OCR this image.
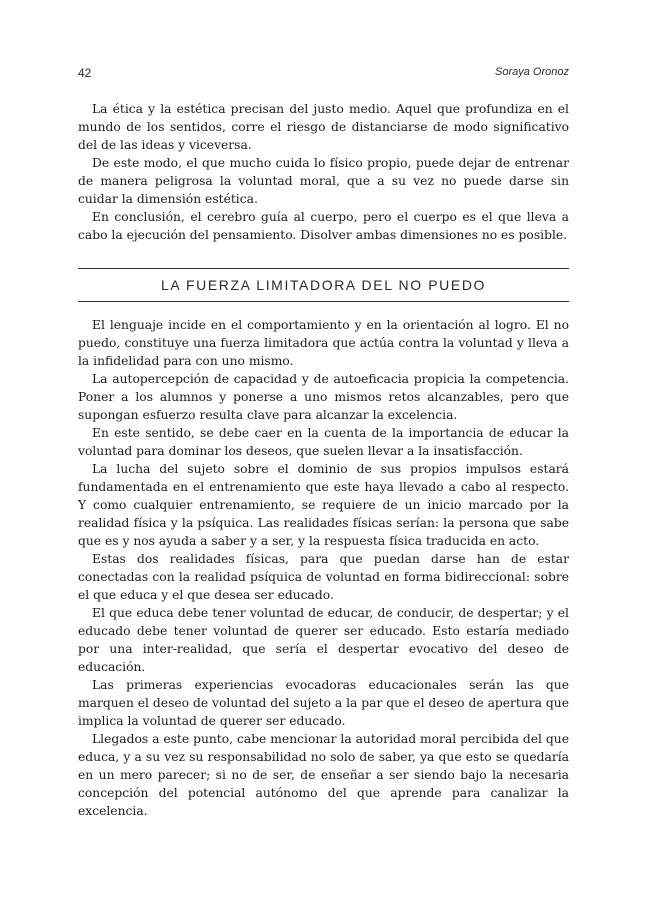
42	Soraya Oronoz

La ética y la estética precisan del justo medio. Aquel que profundiza en el mundo de los sentidos, corre el riesgo de distanciarse de modo significativo del de las ideas y viceversa.

De este modo, el que mucho cuida lo físico propio, puede dejar de entrenar de manera peligrosa la voluntad moral, que a su vez no puede darse sin cuidar la dimensión estética.

En conclusión, el cerebro guía al cuerpo, pero el cuerpo es el que lleva a cabo la ejecución del pensamiento. Disolver ambas dimensiones no es posible.

LA FUERZA LIMITADORA DEL NO PUEDO

El lenguaje incide en el comportamiento y en la orientación al logro. El no puedo, constituye una fuerza limitadora que actúa contra la voluntad y lleva a la infidelidad para con uno mismo.

La autopercepción de capacidad y de autoeficacia propicia la competencia. Poner a los alumnos y ponerse a uno mismos retos alcanzables, pero que supongan esfuerzo resulta clave para alcanzar la excelencia.

En este sentido, se debe caer en la cuenta de la importancia de educar la voluntad para dominar los deseos, que suelen llevar a la insatisfacción.

La lucha del sujeto sobre el dominio de sus propios impulsos estará fundamentada en el entrenamiento que este haya llevado a cabo al respecto. Y como cualquier entrenamiento, se requiere de un inicio marcado por la realidad física y la psíquica. Las realidades físicas serían: la persona que sabe que es y nos ayuda a saber y a ser, y la respuesta física traducida en acto.

Estas dos realidades físicas, para que puedan darse han de estar conectadas con la realidad psíquica de voluntad en forma bidireccional: sobre el que educa y el que desea ser educado.

El que educa debe tener voluntad de educar, de conducir, de despertar; y el educado debe tener voluntad de querer ser educado. Esto estaría mediado por una inter-realidad, que sería el despertar evocativo del deseo de educación.

Las primeras experiencias evocadoras educacionales serán las que marquen el deseo de voluntad del sujeto a la par que el deseo de apertura que implica la voluntad de querer ser educado.

Llegados a este punto, cabe mencionar la autoridad moral percibida del que educa, y a su vez su responsabilidad no solo de saber, ya que esto se quedaría en un mero parecer; si no de ser, de enseñar a ser siendo bajo la necesaria concepción del potencial autónomo del que aprende para canalizar la excelencia.
